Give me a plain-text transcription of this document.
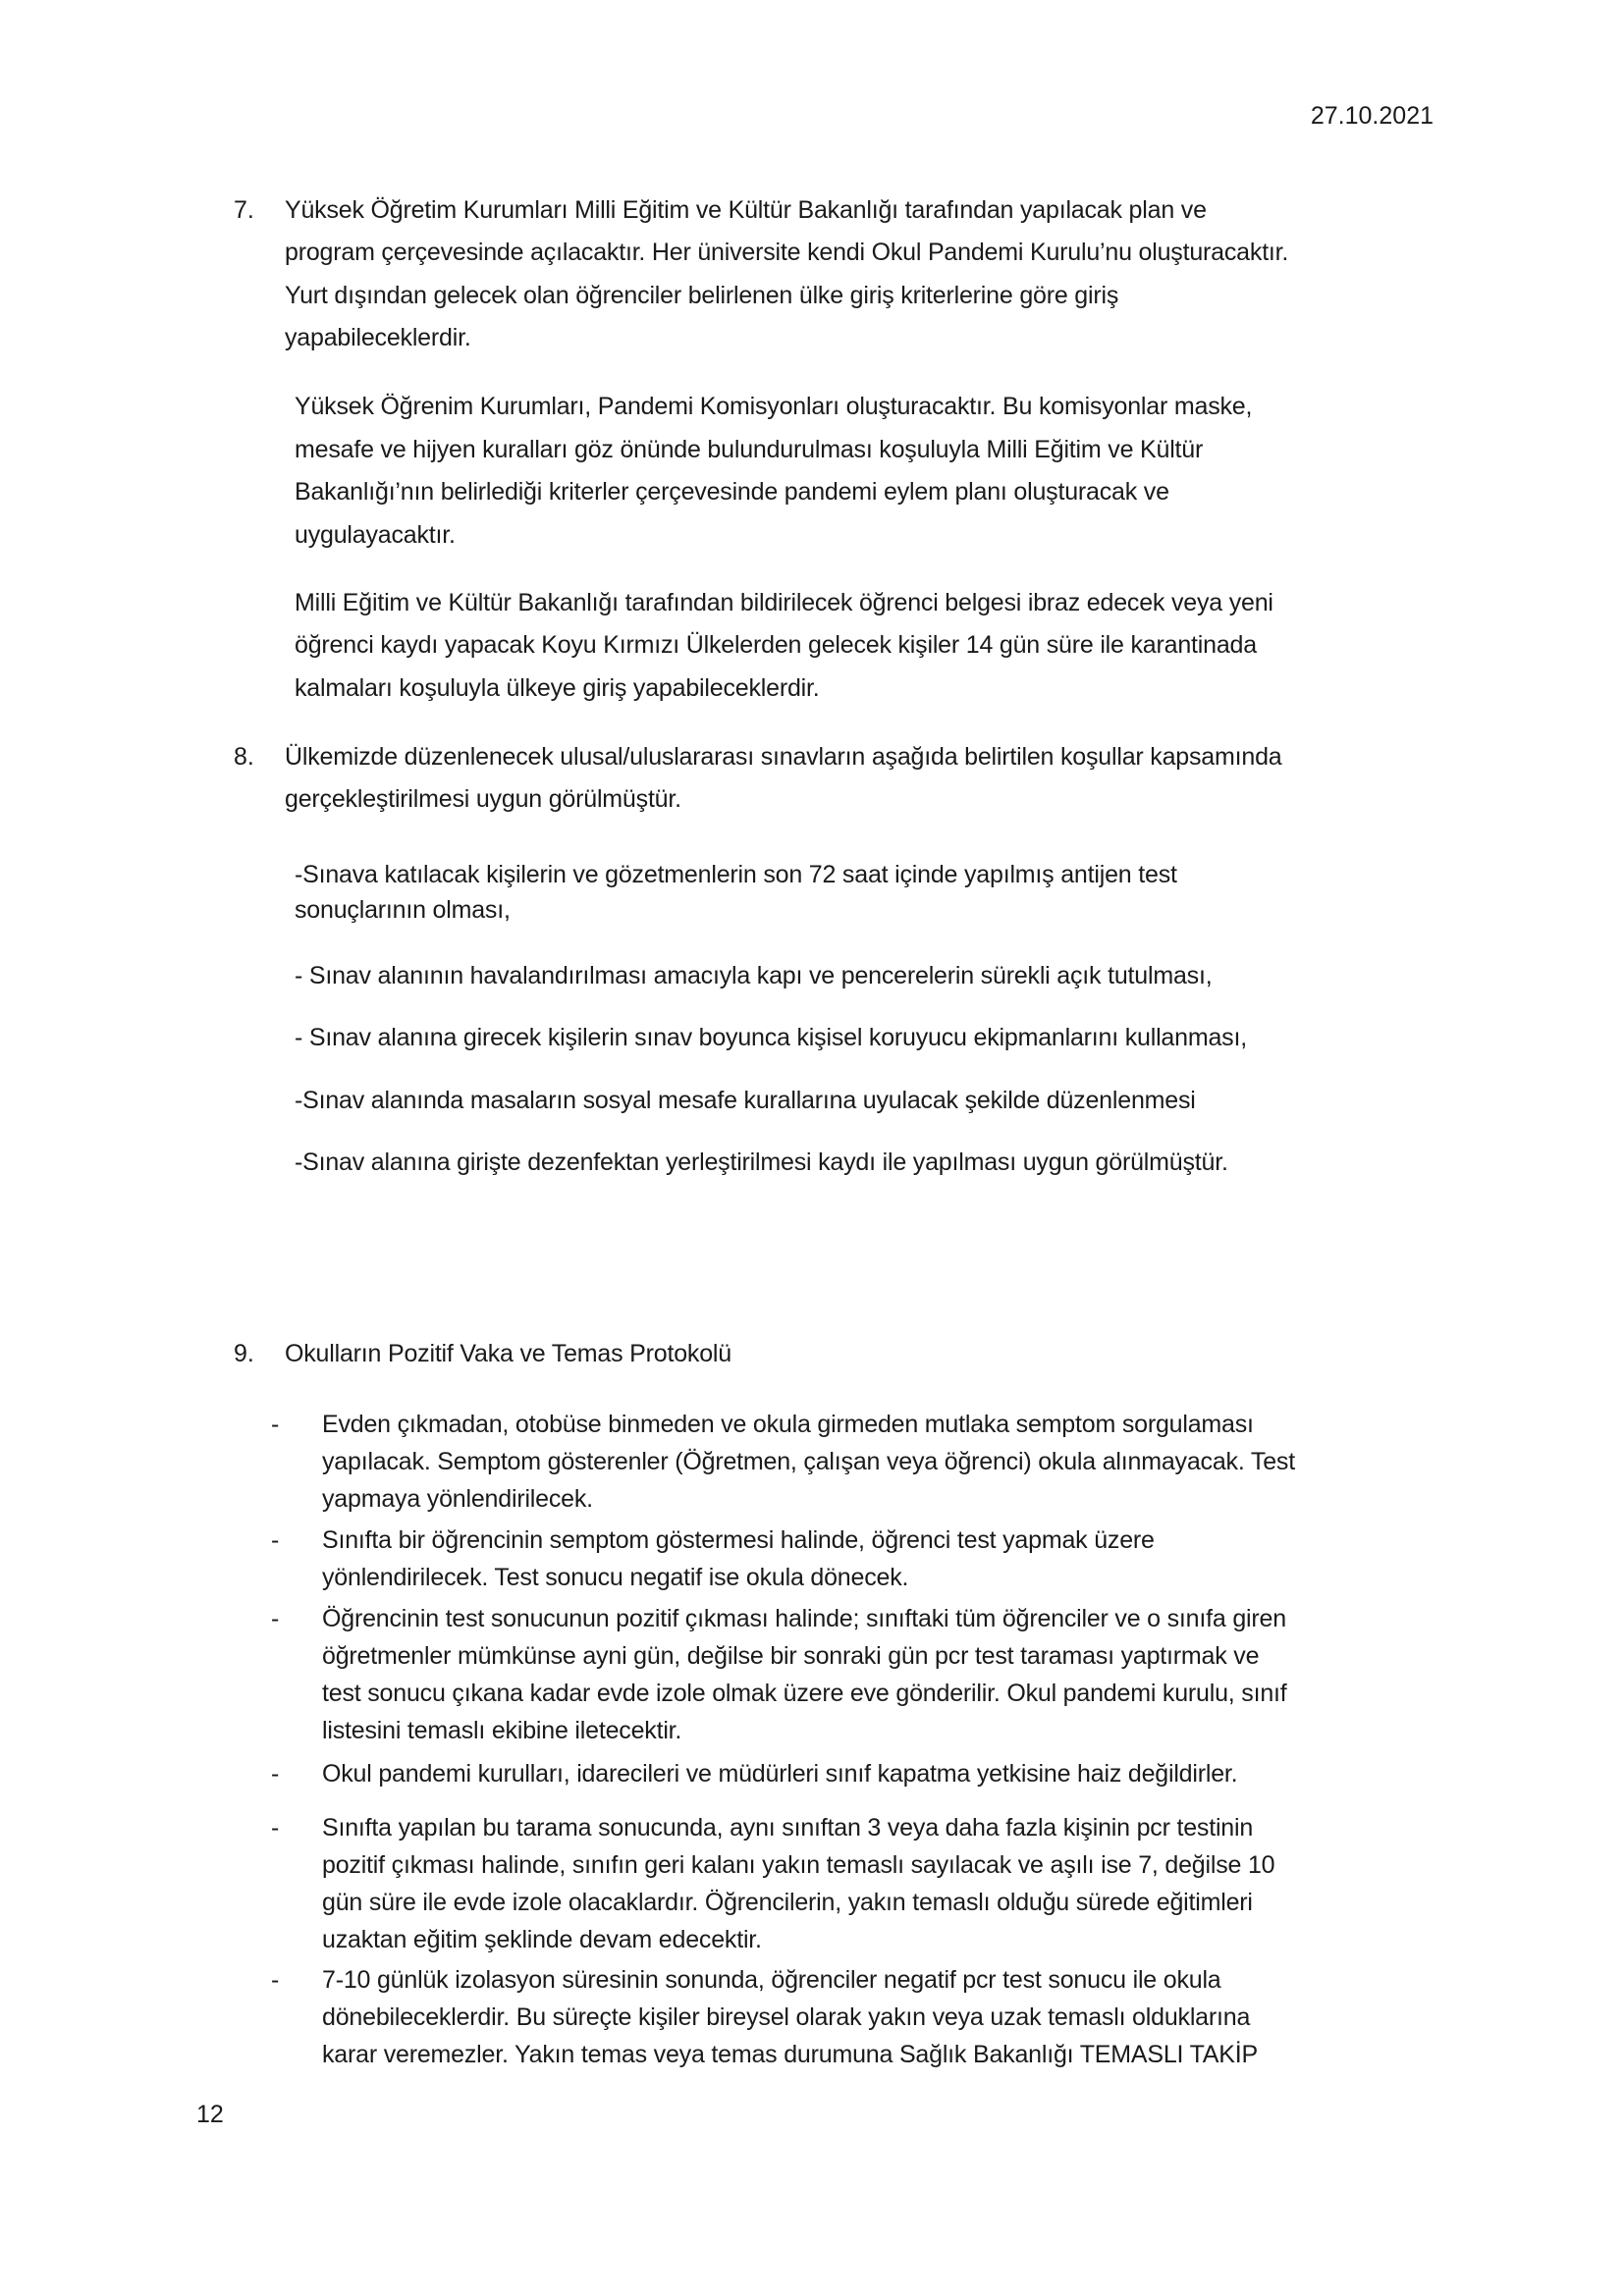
27.10.2021
7. Yüksek Öğretim Kurumları Milli Eğitim ve Kültür Bakanlığı tarafından yapılacak plan ve
program çerçevesinde açılacaktır. Her üniversite kendi Okul Pandemi Kurulu’nu oluşturacaktır.
Yurt dışından gelecek olan öğrenciler belirlenen ülke giriş kriterlerine göre giriş
yapabileceklerdir.
Yüksek Öğrenim Kurumları, Pandemi Komisyonları oluşturacaktır. Bu komisyonlar maske,
mesafe ve hijyen kuralları göz önünde bulundurulması koşuluyla Milli Eğitim ve Kültür
Bakanlığı’nın belirlediği kriterler çerçevesinde pandemi eylem planı oluşturacak ve
uygulayacaktır.
Milli Eğitim ve Kültür Bakanlığı tarafından bildirilecek öğrenci belgesi ibraz edecek veya yeni
öğrenci kaydı yapacak Koyu Kırmızı Ülkelerden gelecek kişiler 14 gün süre ile karantinada
kalmaları koşuluyla ülkeye giriş yapabileceklerdir.
8. Ülkemizde düzenlenecek ulusal/uluslararası sınavların aşağıda belirtilen koşullar kapsamında
gerçekleştirilmesi uygun görülmüştür.
-Sınava katılacak kişilerin ve gözetmenlerin son 72 saat içinde yapılmış antijen test
sonuçlarının olması,
- Sınav alanının havalandırılması amacıyla kapı ve pencerelerin sürekli açık tutulması,
- Sınav alanına girecek kişilerin sınav boyunca kişisel koruyucu ekipmanlarını kullanması,
-Sınav alanında masaların sosyal mesafe kurallarına uyulacak şekilde düzenlenmesi
-Sınav alanına girişte dezenfektan yerleştirilmesi kaydı ile yapılması uygun görülmüştür.
9. Okulların Pozitif Vaka ve Temas Protokolü
- Evden çıkmadan, otobüse binmeden ve okula girmeden mutlaka semptom sorgulaması
yapılacak. Semptom gösterenler (Öğretmen, çalışan veya öğrenci) okula alınmayacak. Test
yapmaya yönlendirilecek.
- Sınıfta bir öğrencinin semptom göstermesi halinde, öğrenci test yapmak üzere
yönlendirilecek. Test sonucu negatif ise okula dönecek.
- Öğrencinin test sonucunun pozitif çıkması halinde; sınıftaki tüm öğrenciler ve o sınıfa giren
öğretmenler mümkünse ayni gün, değilse bir sonraki gün pcr test taraması yaptırmak ve
test sonucu çıkana kadar evde izole olmak üzere eve gönderilir. Okul pandemi kurulu, sınıf
listesini temaslı ekibine iletecektir.
- Okul pandemi kurulları, idarecileri ve müdürleri sınıf kapatma yetkisine haiz değildirler.
- Sınıfta yapılan bu tarama sonucunda, aynı sınıftan 3 veya daha fazla kişinin pcr testinin
pozitif çıkması halinde, sınıfın geri kalanı yakın temaslı sayılacak ve aşılı ise 7, değilse 10
gün süre ile evde izole olacaklardır. Öğrencilerin, yakın temaslı olduğu sürede eğitimleri
uzaktan eğitim şeklinde devam edecektir.
- 7-10 günlük izolasyon süresinin sonunda, öğrenciler negatif pcr test sonucu ile okula
dönebileceklerdir. Bu süreçte kişiler bireysel olarak yakın veya uzak temaslı olduklarına
karar veremezler. Yakın temas veya temas durumuna Sağlık Bakanlığı TEMASLI TAKİP
12
